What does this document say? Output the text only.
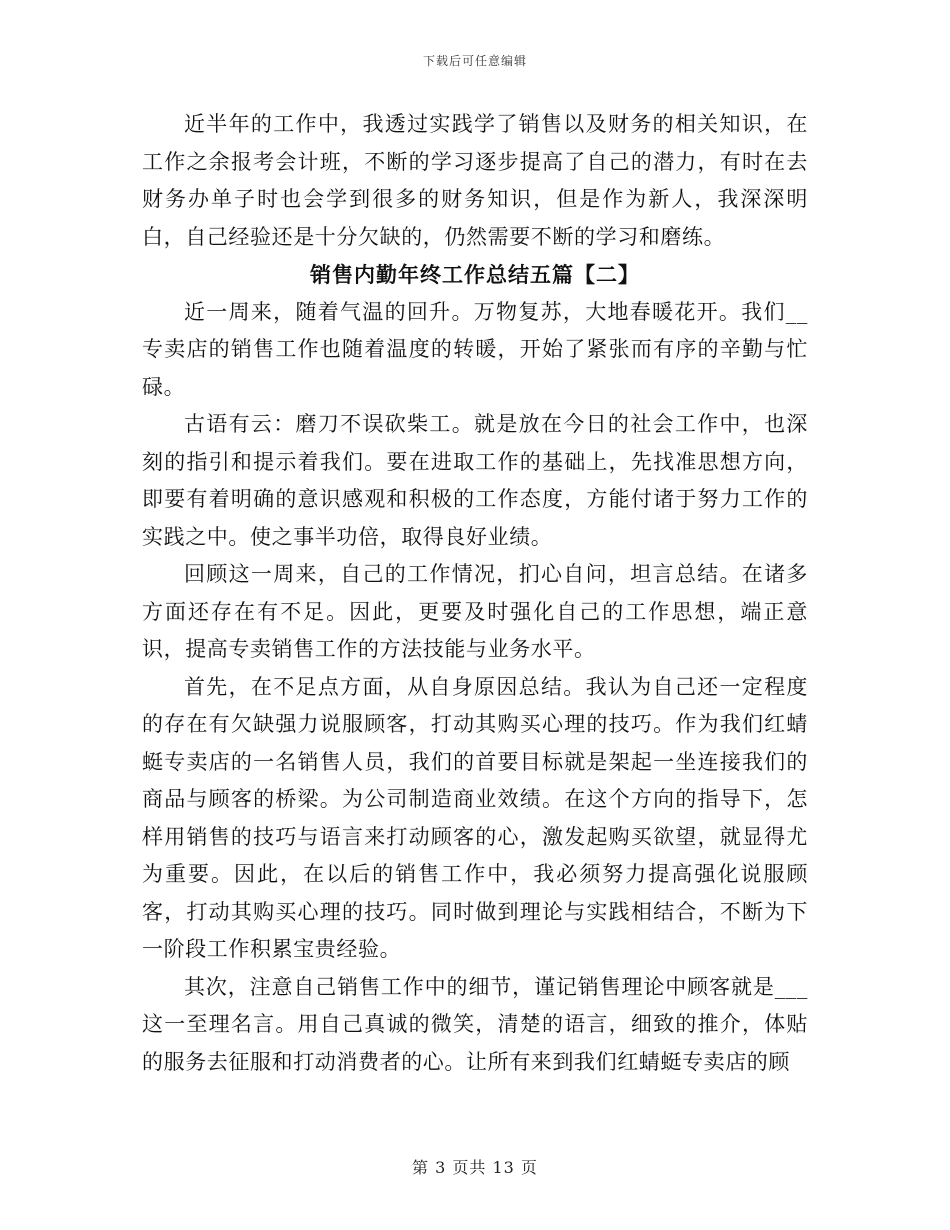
下载后可任意编辑

近半年的工作中，我透过实践学了销售以及财务的相关知识，在工作之余报考会计班，不断的学习逐步提高了自己的潜力，有时在去财务办单子时也会学到很多的财务知识，但是作为新人，我深深明白，自己经验还是十分欠缺的，仍然需要不断的学习和磨练。

销售内勤年终工作总结五篇【二】

近一周来，随着气温的回升。万物复苏，大地春暖花开。我们__专卖店的销售工作也随着温度的转暖，开始了紧张而有序的辛勤与忙碌。

古语有云：磨刀不误砍柴工。就是放在今日的社会工作中，也深刻的指引和提示着我们。要在进取工作的基础上，先找准思想方向，即要有着明确的意识感观和积极的工作态度，方能付诸于努力工作的实践之中。使之事半功倍，取得良好业绩。

回顾这一周来，自己的工作情况，扪心自问，坦言总结。在诸多方面还存在有不足。因此，更要及时强化自己的工作思想，端正意识，提高专卖销售工作的方法技能与业务水平。

首先，在不足点方面，从自身原因总结。我认为自己还一定程度的存在有欠缺强力说服顾客，打动其购买心理的技巧。作为我们红蜻蜓专卖店的一名销售人员，我们的首要目标就是架起一坐连接我们的商品与顾客的桥梁。为公司制造商业效绩。在这个方向的指导下，怎样用销售的技巧与语言来打动顾客的心，激发起购买欲望，就显得尤为重要。因此，在以后的销售工作中，我必须努力提高强化说服顾客，打动其购买心理的技巧。同时做到理论与实践相结合，不断为下一阶段工作积累宝贵经验。

其次，注意自己销售工作中的细节，谨记销售理论中顾客就是___这一至理名言。用自己真诚的微笑，清楚的语言，细致的推介，体贴的服务去征服和打动消费者的心。让所有来到我们红蜻蜓专卖店的顾

第 3 页共 13 页
